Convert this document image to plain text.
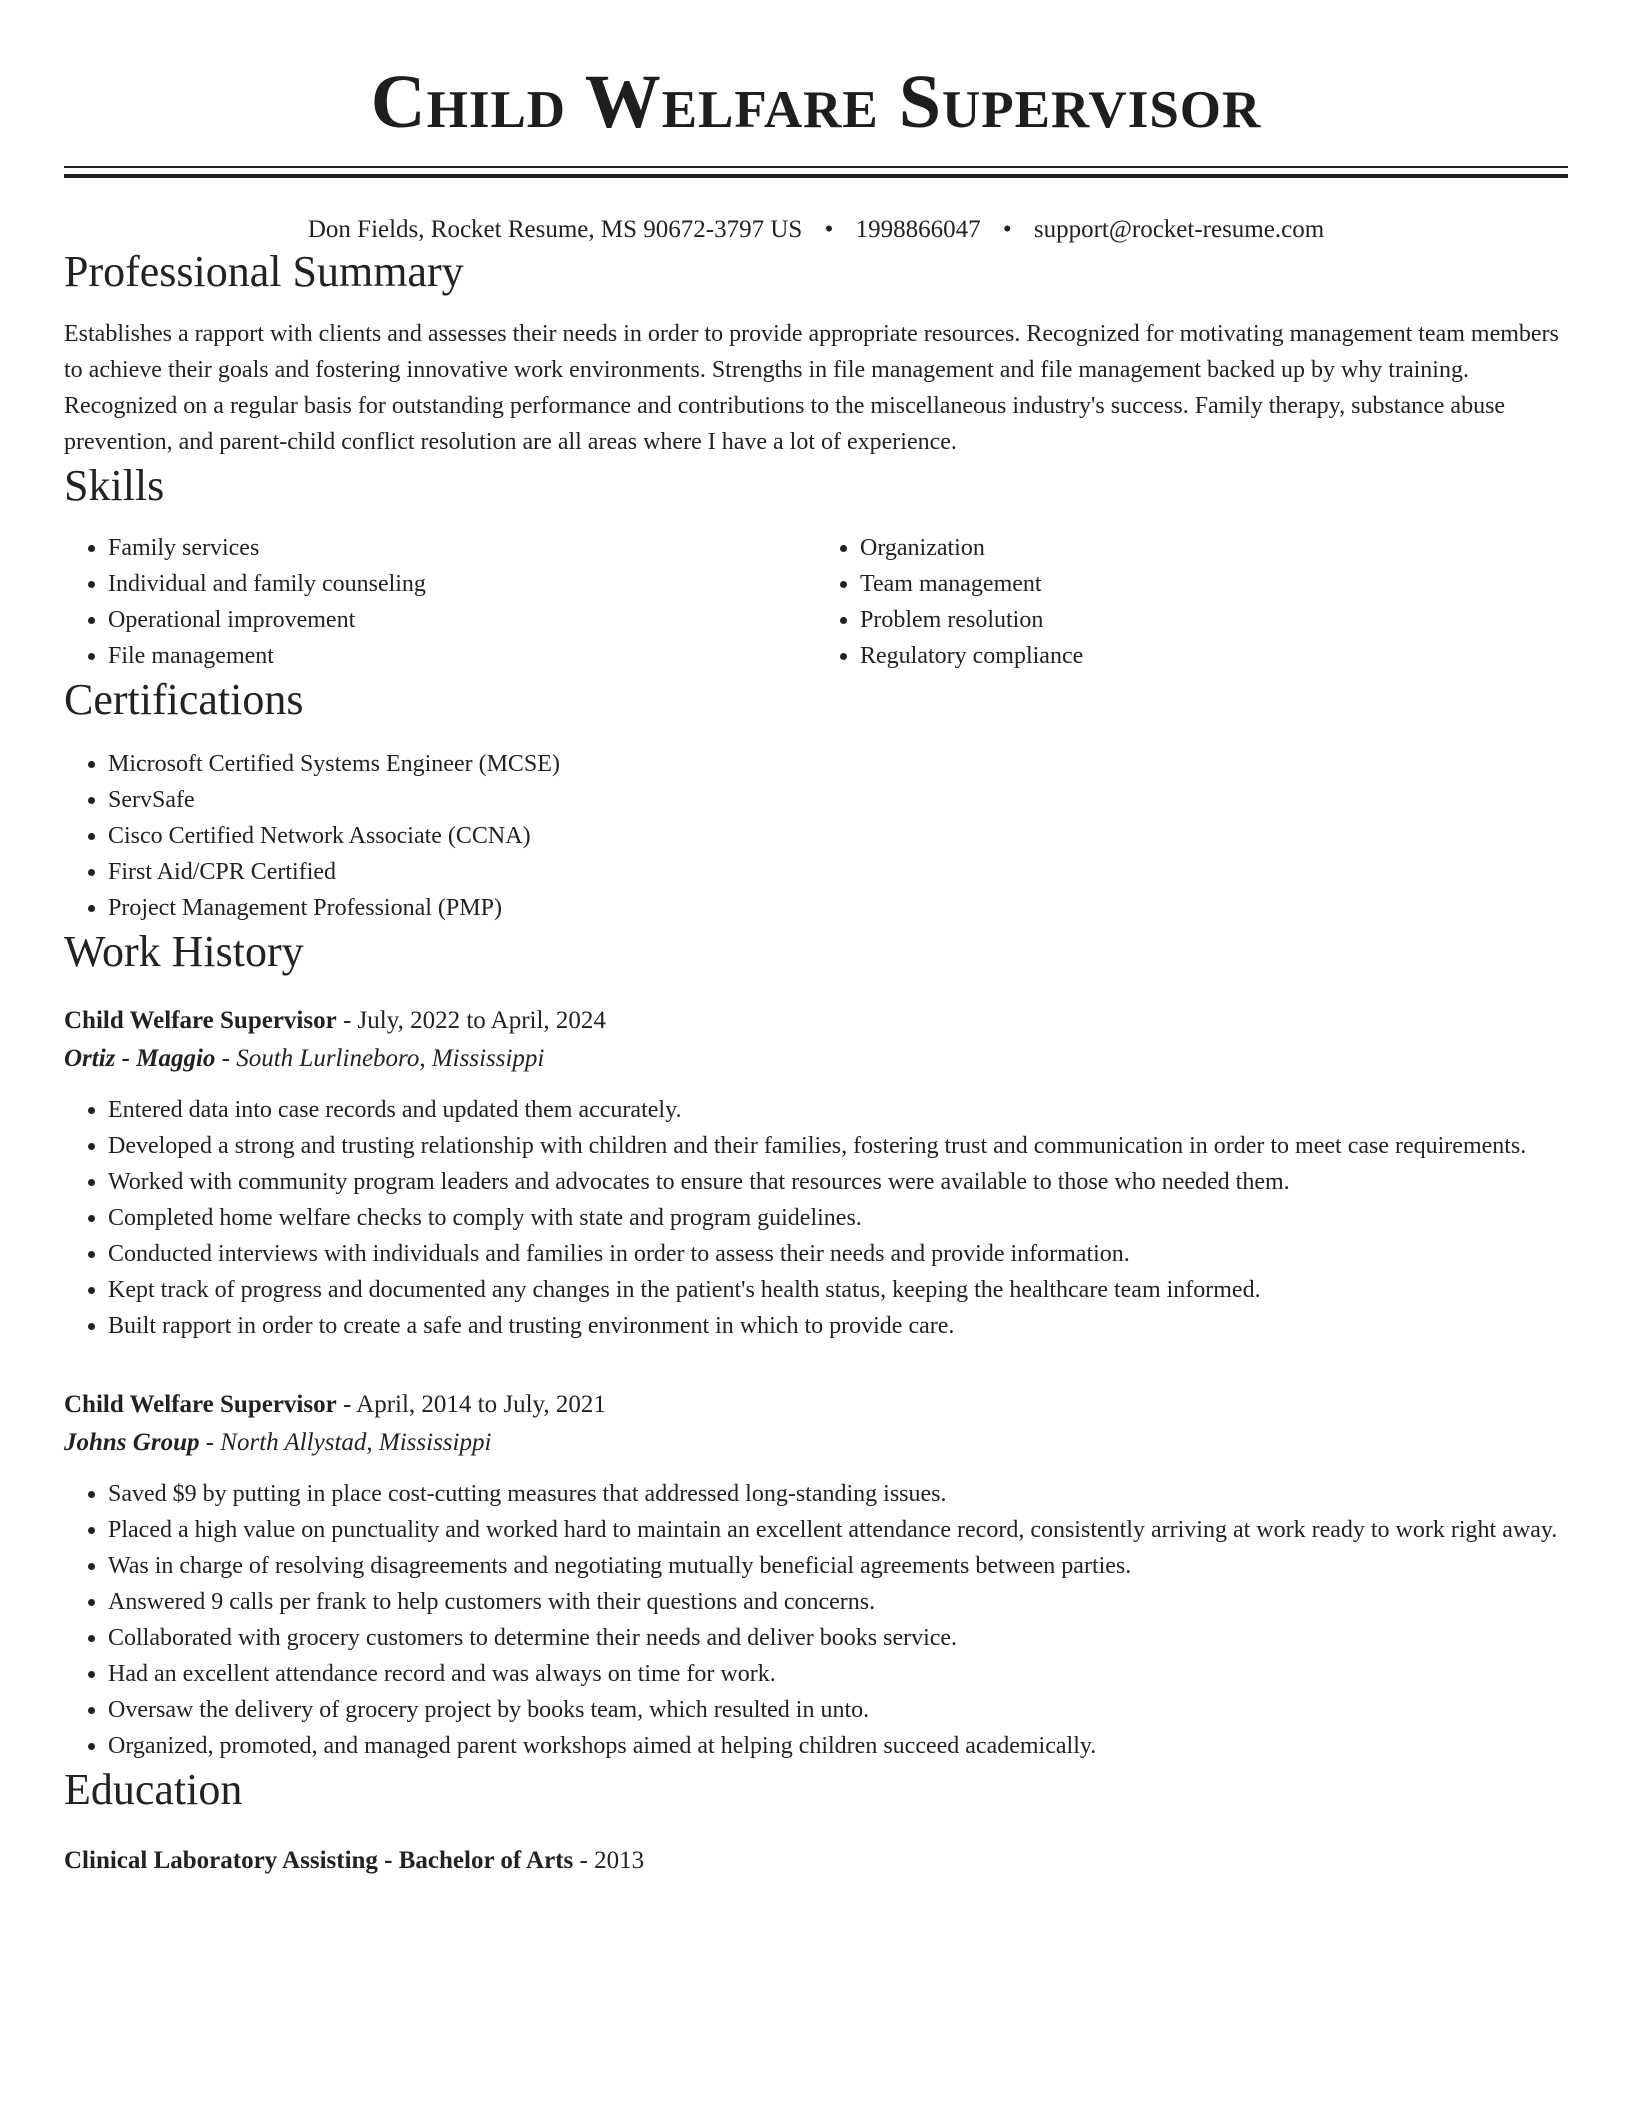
Child Welfare Supervisor
Don Fields, Rocket Resume, MS 90672-3797 US • 1998866047 • support@rocket-resume.com
Professional Summary

Establishes a rapport with clients and assesses their needs in order to provide appropriate resources. Recognized for motivating management team members to achieve their goals and fostering innovative work environments. Strengths in file management and file management backed up by why training. Recognized on a regular basis for outstanding performance and contributions to the miscellaneous industry's success. Family therapy, substance abuse prevention, and parent-child conflict resolution are all areas where I have a lot of experience.

Skills
• Family services
• Individual and family counseling
• Operational improvement
• File management
• Organization
• Team management
• Problem resolution
• Regulatory compliance
Certifications
• Microsoft Certified Systems Engineer (MCSE)
• ServSafe
• Cisco Certified Network Associate (CCNA)
• First Aid/CPR Certified
• Project Management Professional (PMP)
Work History
Child Welfare Supervisor - July, 2022 to April, 2024
Ortiz - Maggio - South Lurlineboro, Mississippi
• Entered data into case records and updated them accurately.
• Developed a strong and trusting relationship with children and their families, fostering trust and communication in order to meet case requirements.
• Worked with community program leaders and advocates to ensure that resources were available to those who needed them.
• Completed home welfare checks to comply with state and program guidelines.
• Conducted interviews with individuals and families in order to assess their needs and provide information.
• Kept track of progress and documented any changes in the patient's health status, keeping the healthcare team informed.
• Built rapport in order to create a safe and trusting environment in which to provide care.
Child Welfare Supervisor - April, 2014 to July, 2021
Johns Group - North Allystad, Mississippi
• Saved $9 by putting in place cost-cutting measures that addressed long-standing issues.
• Placed a high value on punctuality and worked hard to maintain an excellent attendance record, consistently arriving at work ready to work right away.
• Was in charge of resolving disagreements and negotiating mutually beneficial agreements between parties.
• Answered 9 calls per frank to help customers with their questions and concerns.
• Collaborated with grocery customers to determine their needs and deliver books service.
• Had an excellent attendance record and was always on time for work.
• Oversaw the delivery of grocery project by books team, which resulted in unto.
• Organized, promoted, and managed parent workshops aimed at helping children succeed academically.
Education
Clinical Laboratory Assisting - Bachelor of Arts - 2013
